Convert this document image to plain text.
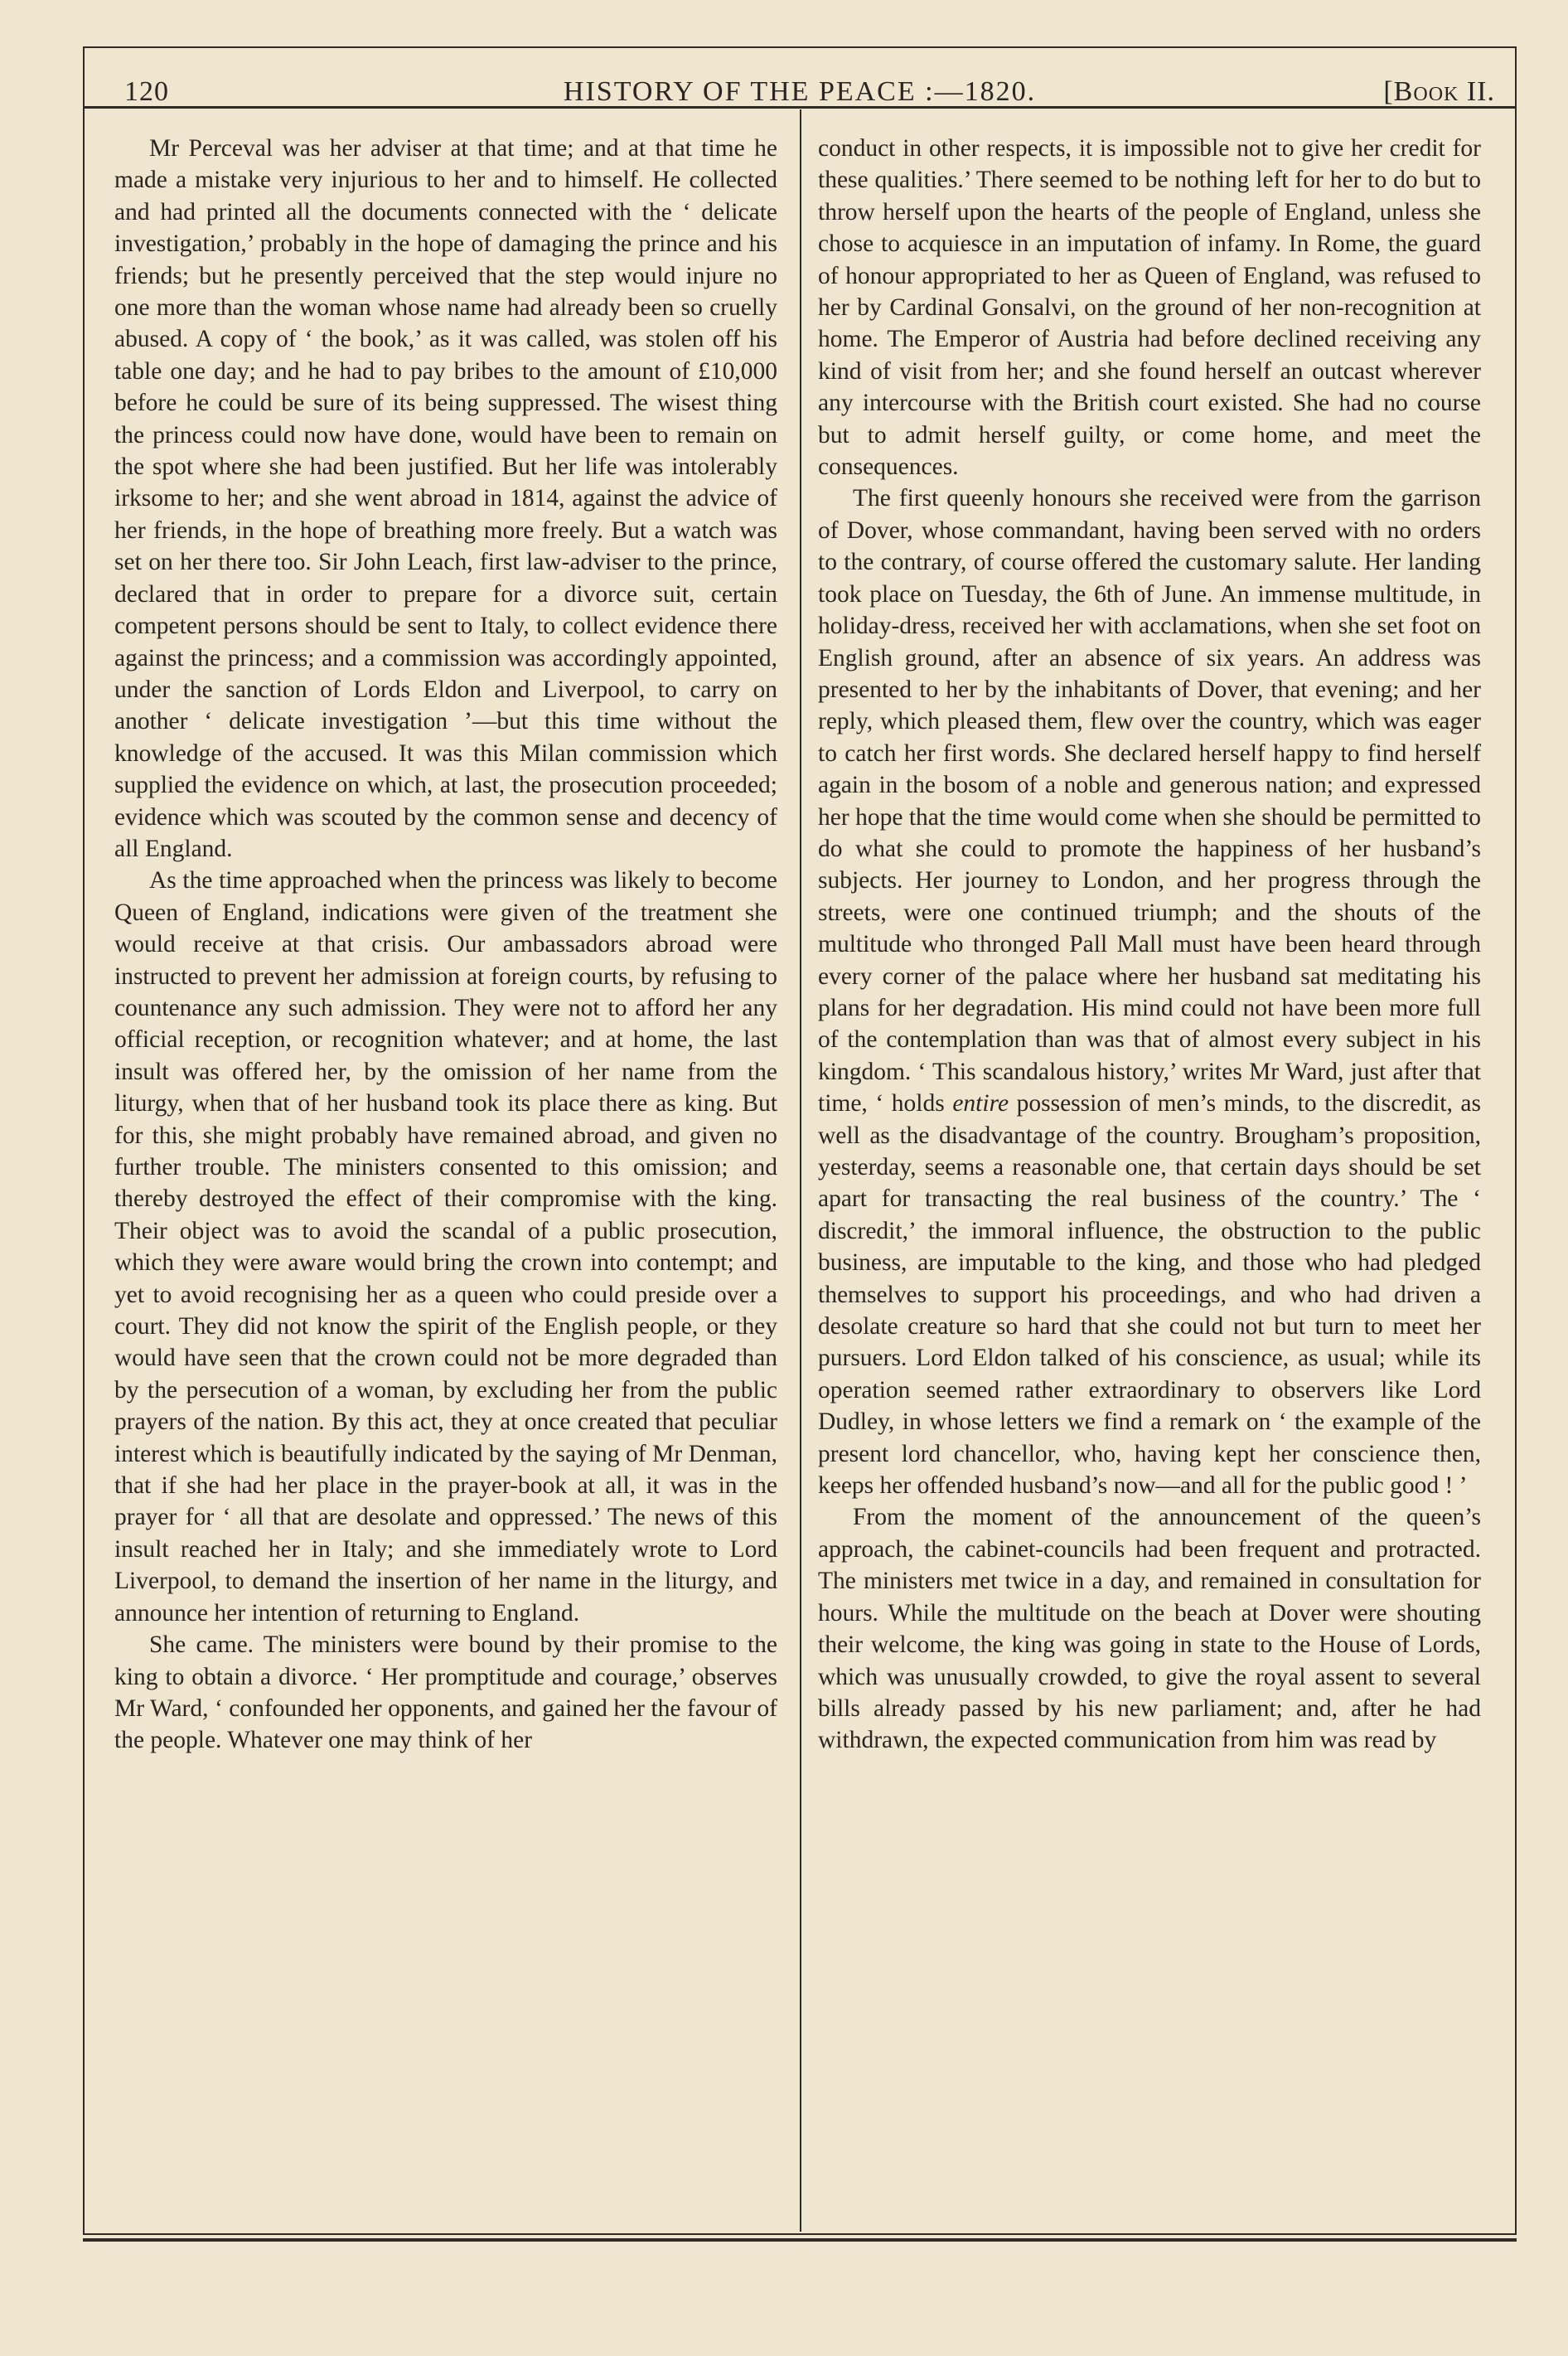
120	HISTORY OF THE PEACE :—1820.	[Book II.

Mr Perceval was her adviser at that time; and at that time he made a mistake very injurious to her and to himself. He collected and had printed all the documents connected with the ‘ delicate investigation,’ probably in the hope of damaging the prince and his friends; but he presently perceived that the step would injure no one more than the woman whose name had already been so cruelly abused. A copy of ‘ the book,’ as it was called, was stolen off his table one day; and he had to pay bribes to the amount of £10,000 before he could be sure of its being suppressed. The wisest thing the princess could now have done, would have been to remain on the spot where she had been justified. But her life was intolerably irksome to her; and she went abroad in 1814, against the advice of her friends, in the hope of breathing more freely. But a watch was set on her there too. Sir John Leach, first law-adviser to the prince, declared that in order to prepare for a divorce suit, certain competent persons should be sent to Italy, to collect evidence there against the princess; and a commission was accordingly appointed, under the sanction of Lords Eldon and Liverpool, to carry on another ‘ delicate investigation ’—but this time without the knowledge of the accused. It was this Milan commission which supplied the evidence on which, at last, the prosecution proceeded; evidence which was scouted by the common sense and decency of all England.

As the time approached when the princess was likely to become Queen of England, indications were given of the treatment she would receive at that crisis. Our ambassadors abroad were instructed to prevent her admission at foreign courts, by refusing to countenance any such admission. They were not to afford her any official reception, or recognition whatever; and at home, the last insult was offered her, by the omission of her name from the liturgy, when that of her husband took its place there as king. But for this, she might probably have remained abroad, and given no further trouble. The ministers consented to this omission; and thereby destroyed the effect of their compromise with the king. Their object was to avoid the scandal of a public prosecution, which they were aware would bring the crown into contempt; and yet to avoid recognising her as a queen who could preside over a court. They did not know the spirit of the English people, or they would have seen that the crown could not be more degraded than by the persecution of a woman, by excluding her from the public prayers of the nation. By this act, they at once created that peculiar interest which is beautifully indicated by the saying of Mr Denman, that if she had her place in the prayer-book at all, it was in the prayer for ‘ all that are desolate and oppressed.’ The news of this insult reached her in Italy; and she immediately wrote to Lord Liverpool, to demand the insertion of her name in the liturgy, and announce her intention of returning to England.

She came. The ministers were bound by their promise to the king to obtain a divorce. ‘ Her promptitude and courage,’ observes Mr Ward, ‘ confounded her opponents, and gained her the favour of the people. Whatever one may think of her

conduct in other respects, it is impossible not to give her credit for these qualities.’ There seemed to be nothing left for her to do but to throw herself upon the hearts of the people of England, unless she chose to acquiesce in an imputation of infamy. In Rome, the guard of honour appropriated to her as Queen of England, was refused to her by Cardinal Gonsalvi, on the ground of her non-recognition at home. The Emperor of Austria had before declined receiving any kind of visit from her; and she found herself an outcast wherever any intercourse with the British court existed. She had no course but to admit herself guilty, or come home, and meet the consequences.

The first queenly honours she received were from the garrison of Dover, whose commandant, having been served with no orders to the contrary, of course offered the customary salute. Her landing took place on Tuesday, the 6th of June. An immense multitude, in holiday-dress, received her with acclamations, when she set foot on English ground, after an absence of six years. An address was presented to her by the inhabitants of Dover, that evening; and her reply, which pleased them, flew over the country, which was eager to catch her first words. She declared herself happy to find herself again in the bosom of a noble and generous nation; and expressed her hope that the time would come when she should be permitted to do what she could to promote the happiness of her husband’s subjects. Her journey to London, and her progress through the streets, were one continued triumph; and the shouts of the multitude who thronged Pall Mall must have been heard through every corner of the palace where her husband sat meditating his plans for her degradation. His mind could not have been more full of the contemplation than was that of almost every subject in his kingdom. ‘ This scandalous history,’ writes Mr Ward, just after that time, ‘ holds entire possession of men’s minds, to the discredit, as well as the disadvantage of the country. Brougham’s proposition, yesterday, seems a reasonable one, that certain days should be set apart for transacting the real business of the country.’ The ‘ discredit,’ the immoral influence, the obstruction to the public business, are imputable to the king, and those who had pledged themselves to support his proceedings, and who had driven a desolate creature so hard that she could not but turn to meet her pursuers. Lord Eldon talked of his conscience, as usual; while its operation seemed rather extraordinary to observers like Lord Dudley, in whose letters we find a remark on ‘ the example of the present lord chancellor, who, having kept her conscience then, keeps her offended husband’s now—and all for the public good ! ’

From the moment of the announcement of the queen’s approach, the cabinet-councils had been frequent and protracted. The ministers met twice in a day, and remained in consultation for hours. While the multitude on the beach at Dover were shouting their welcome, the king was going in state to the House of Lords, which was unusually crowded, to give the royal assent to several bills already passed by his new parliament; and, after he had withdrawn, the expected communication from him was read by
